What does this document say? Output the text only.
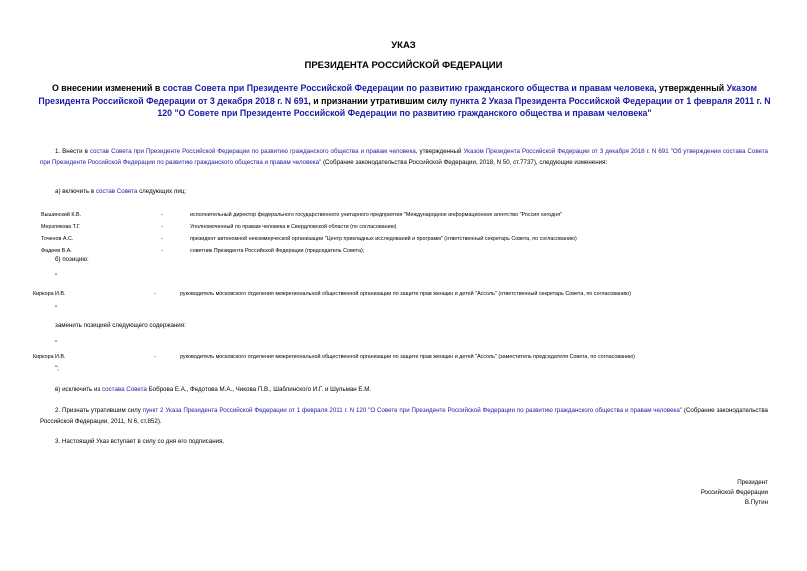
УКАЗ
ПРЕЗИДЕНТА РОССИЙСКОЙ ФЕДЕРАЦИИ
О внесении изменений в состав Совета при Президенте Российской Федерации по развитию гражданского общества и правам человека, утвержденный Указом Президента Российской Федерации от 3 декабря 2018 г. N 691, и признании утратившим силу пункта 2 Указа Президента Российской Федерации от 1 февраля 2011 г. N 120 "О Совете при Президенте Российской Федерации по развитию гражданского общества и правам человека"
1. Внести в состав Совета при Президенте Российской Федерации по развитию гражданского общества и правам человека, утвержденный Указом Президента Российской Федерации от 3 декабря 2018 г. N 691 "Об утверждении состава Совета при Президенте Российской Федерации по развитию гражданского общества и правам человека" (Собрание законодательства Российской Федерации, 2018, N 50, ст.7737), следующие изменения:
а) включить в состав Совета следующих лиц:
Вышинский К.В.	-	исполнительный директор федерального государственного унитарного предприятия "Международное информационное агентство "Россия сегодня"
Мерзлякова Т.Г.	-	Уполномоченный по правам человека в Свердловской области (по согласованию)
Точенов А.С.	-	президент автономной некоммерческой организации "Центр прикладных исследований и программ" (ответственный секретарь Совета, по согласованию)
Фадеев В.А.	-	советник Президента Российской Федерации (председатель Совета);
б) позицию:
"
Киркора И.В.	-	руководитель московского отделения межрегиональной общественной организации по защите прав женщин и детей "Ассоль" (ответственный секретарь Совета, по согласованию)
"
заменить позицией следующего содержания:
"
Киркора И.В.	-	руководитель московского отделения межрегиональной общественной организации по защите прав женщин и детей "Ассоль" (заместитель председателя Совета, по согласованию)
";
в) исключить из состава Совета Боброва Е.А., Федотова М.А., Чикова П.В., Шаблинского И.Г. и Шульман Е.М.
2. Признать утратившим силу пункт 2 Указа Президента Российской Федерации от 1 февраля 2011 г. N 120 "О Совете при Президенте Российской Федерации по развитию гражданского общества и правам человека" (Собрание законодательства Российской Федерации, 2011, N 6, ст.852).
3. Настоящий Указ вступает в силу со дня его подписания.
Президент
Российской Федерации
В.Путин
